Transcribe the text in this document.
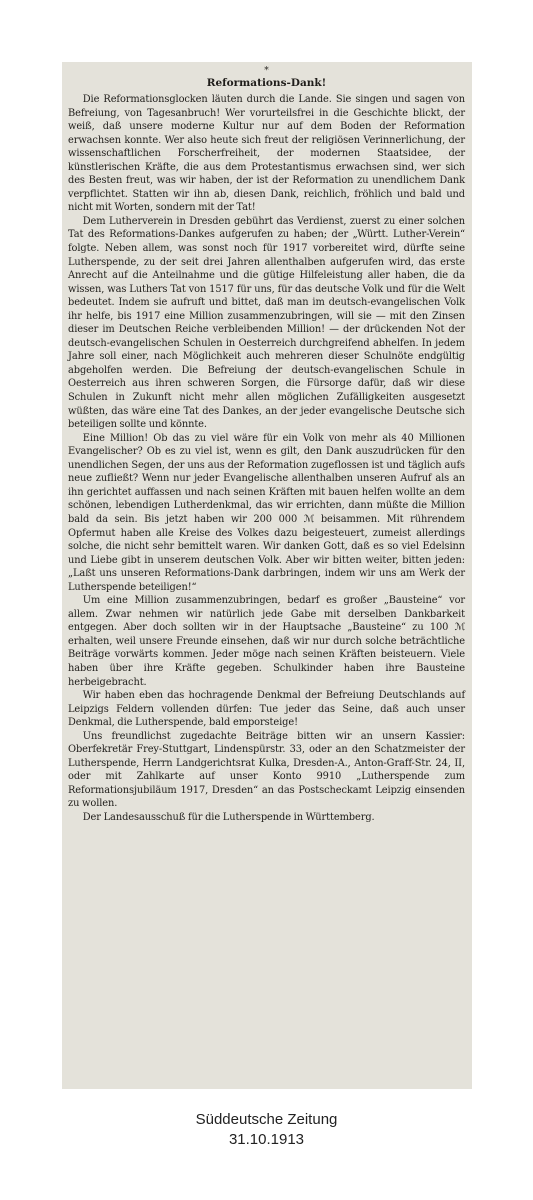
*
Reformations-Dank!

Die Reformationsglocken läuten durch die Lande. Sie singen und sagen von Befreiung, von Tagesanbruch! Wer vorurteilsfrei in die Geschichte blickt, der weiß, daß unsere moderne Kultur nur auf dem Boden der Reformation erwachsen konnte. Wer also heute sich freut der religiösen Verinnerlichung, der wissenschaftlichen Forscherfreiheit, der modernen Staatsidee, der künstlerischen Kräfte, die aus dem Protestantismus erwachsen sind, wer sich des Besten freut, was wir haben, der ist der Reformation zu unendlichem Dank verpflichtet. Statten wir ihn ab, diesen Dank, reichlich, fröhlich und bald und nicht mit Worten, sondern mit der Tat!

Dem Lutherverein in Dresden gebührt das Verdienst, zuerst zu einer solchen Tat des Reformations-Dankes aufgerufen zu haben; der „Württ. Luther-Verein“ folgte. Neben allem, was sonst noch für 1917 vorbereitet wird, dürfte seine Lutherspende, zu der seit drei Jahren allenthalben aufgerufen wird, das erste Anrecht auf die Anteilnahme und die gütige Hilfeleistung aller haben, die da wissen, was Luthers Tat von 1517 für uns, für das deutsche Volk und für die Welt bedeutet. Indem sie aufruft und bittet, daß man im deutsch-evangelischen Volk ihr helfe, bis 1917 eine Million zusammenzubringen, will sie — mit den Zinsen dieser im Deutschen Reiche verbleibenden Million! — der drückenden Not der deutsch-evangelischen Schulen in Oesterreich durchgreifend abhelfen. In jedem Jahre soll einer, nach Möglichkeit auch mehreren dieser Schulnöte endgültig abgeholfen werden. Die Befreiung der deutsch-evangelischen Schule in Oesterreich aus ihren schweren Sorgen, die Fürsorge dafür, daß wir diese Schulen in Zukunft nicht mehr allen möglichen Zufälligkeiten ausgesetzt wüßten, das wäre eine Tat des Dankes, an der jeder evangelische Deutsche sich beteiligen sollte und könnte.

Eine Million! Ob das zu viel wäre für ein Volk von mehr als 40 Millionen Evangelischer? Ob es zu viel ist, wenn es gilt, den Dank auszudrücken für den unendlichen Segen, der uns aus der Reformation zugeflossen ist und täglich aufs neue zufließt? Wenn nur jeder Evangelische allenthalben unseren Aufruf als an ihn gerichtet auffassen und nach seinen Kräften mit bauen helfen wollte an dem schönen, lebendigen Lutherdenkmal, das wir errichten, dann müßte die Million bald da sein. Bis jetzt haben wir 200 000 ℳ beisammen. Mit rührendem Opfermut haben alle Kreise des Volkes dazu beigesteuert, zumeist allerdings solche, die nicht sehr bemittelt waren. Wir danken Gott, daß es so viel Edelsinn und Liebe gibt in unserem deutschen Volk. Aber wir bitten weiter, bitten jeden: „Laßt uns unseren Reformations-Dank darbringen, indem wir uns am Werk der Lutherspende beteiligen!“

Um eine Million zusammenzubringen, bedarf es großer „Bausteine“ vor allem. Zwar nehmen wir natürlich jede Gabe mit derselben Dankbarkeit entgegen. Aber doch sollten wir in der Hauptsache „Bausteine“ zu 100 ℳ erhalten, weil unsere Freunde einsehen, daß wir nur durch solche beträchtliche Beiträge vorwärts kommen. Jeder möge nach seinen Kräften beisteuern. Viele haben über ihre Kräfte gegeben. Schulkinder haben ihre Bausteine herbeigebracht.

Wir haben eben das hochragende Denkmal der Befreiung Deutschlands auf Leipzigs Feldern vollenden dürfen: Tue jeder das Seine, daß auch unser Denkmal, die Lutherspende, bald emporsteige!

Uns freundlichst zugedachte Beiträge bitten wir an unsern Kassier: Oberfekretär Frey-Stuttgart, Lindenspürstr. 33, oder an den Schatzmeister der Lutherspende, Herrn Landgerichtsrat Kulka, Dresden-A., Anton-Graff-Str. 24, II, oder mit Zahlkarte auf unser Konto 9910 „Lutherspende zum Reformationsjubiläum 1917, Dresden“ an das Postscheckamt Leipzig einsenden zu wollen.

Der Landesausschuß für die Lutherspende in Württemberg.

Süddeutsche Zeitung
31.10.1913
